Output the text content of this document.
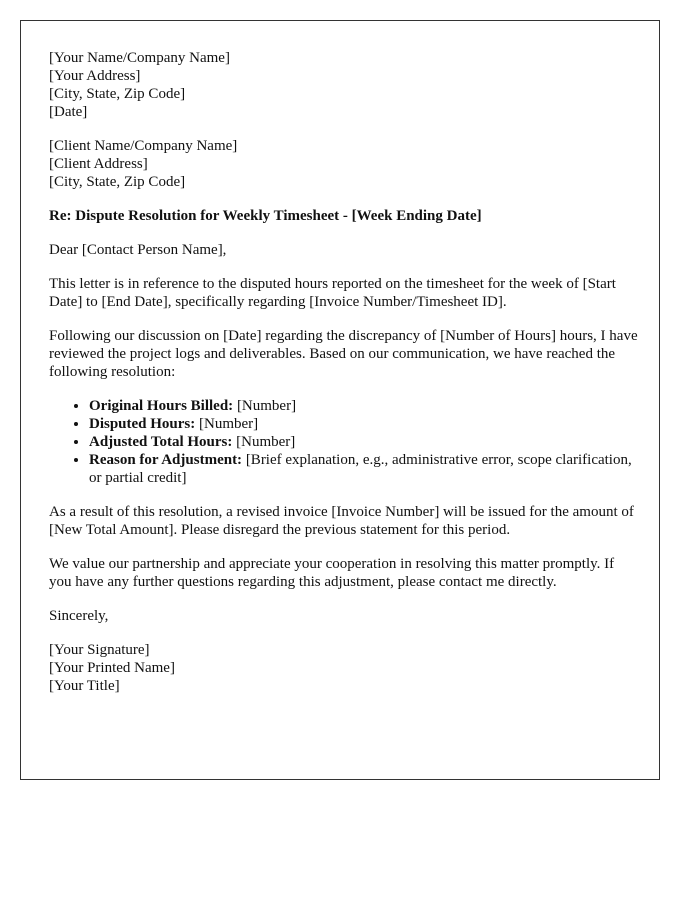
[Your Name/Company Name]
[Your Address]
[City, State, Zip Code]
[Date]
[Client Name/Company Name]
[Client Address]
[City, State, Zip Code]

Re: Dispute Resolution for Weekly Timesheet - [Week Ending Date]

Dear [Contact Person Name],

This letter is in reference to the disputed hours reported on the timesheet for the week of [Start Date] to [End Date], specifically regarding [Invoice Number/Timesheet ID].

Following our discussion on [Date] regarding the discrepancy of [Number of Hours] hours, I have reviewed the project logs and deliverables. Based on our communication, we have reached the following resolution:

• Original Hours Billed: [Number]
• Disputed Hours: [Number]
• Adjusted Total Hours: [Number]
• Reason for Adjustment: [Brief explanation, e.g., administrative error, scope clarification, or partial credit]

As a result of this resolution, a revised invoice [Invoice Number] will be issued for the amount of [New Total Amount]. Please disregard the previous statement for this period.

We value our partnership and appreciate your cooperation in resolving this matter promptly. If you have any further questions regarding this adjustment, please contact me directly.

Sincerely,

[Your Signature]
[Your Printed Name]
[Your Title]
